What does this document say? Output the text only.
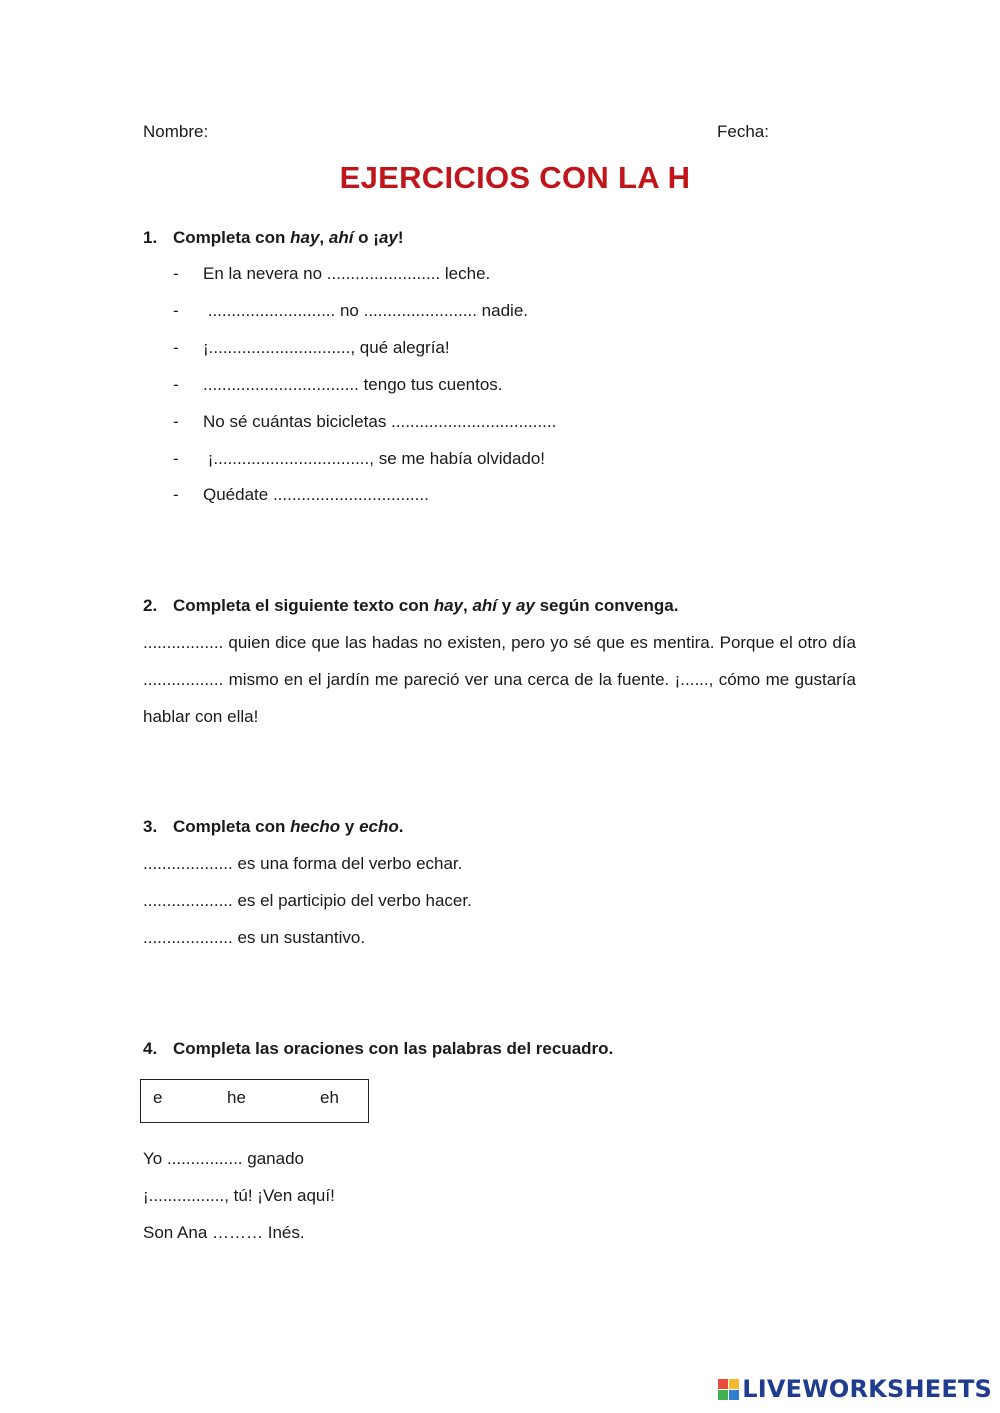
Nombre:	Fecha:
EJERCICIOS CON LA H
1. Completa con hay, ahí o ¡ay!
- En la nevera no ........................ leche.
- ........................... no ........................ nadie.
- ¡.............................., qué alegría!
- ................................. tengo tus cuentos.
- No sé cuántas bicicletas ...................................
- ¡................................., se me había olvidado!
- Quédate .................................
2. Completa el siguiente texto con hay, ahí y ay según convenga.
................. quien dice que las hadas no existen, pero yo sé que es mentira. Porque el otro día ................. mismo en el jardín me pareció ver una cerca de la fuente. ¡......, cómo me gustaría hablar con ella!
3. Completa con hecho y echo.
................... es una forma del verbo echar.
................... es el participio del verbo hacer.
................... es un sustantivo.
4. Completa las oraciones con las palabras del recuadro.
e	he	eh
Yo ................ ganado
¡................, tú! ¡Ven aquí!
Son Ana ……… Inés.
LIVEWORKSHEETS
